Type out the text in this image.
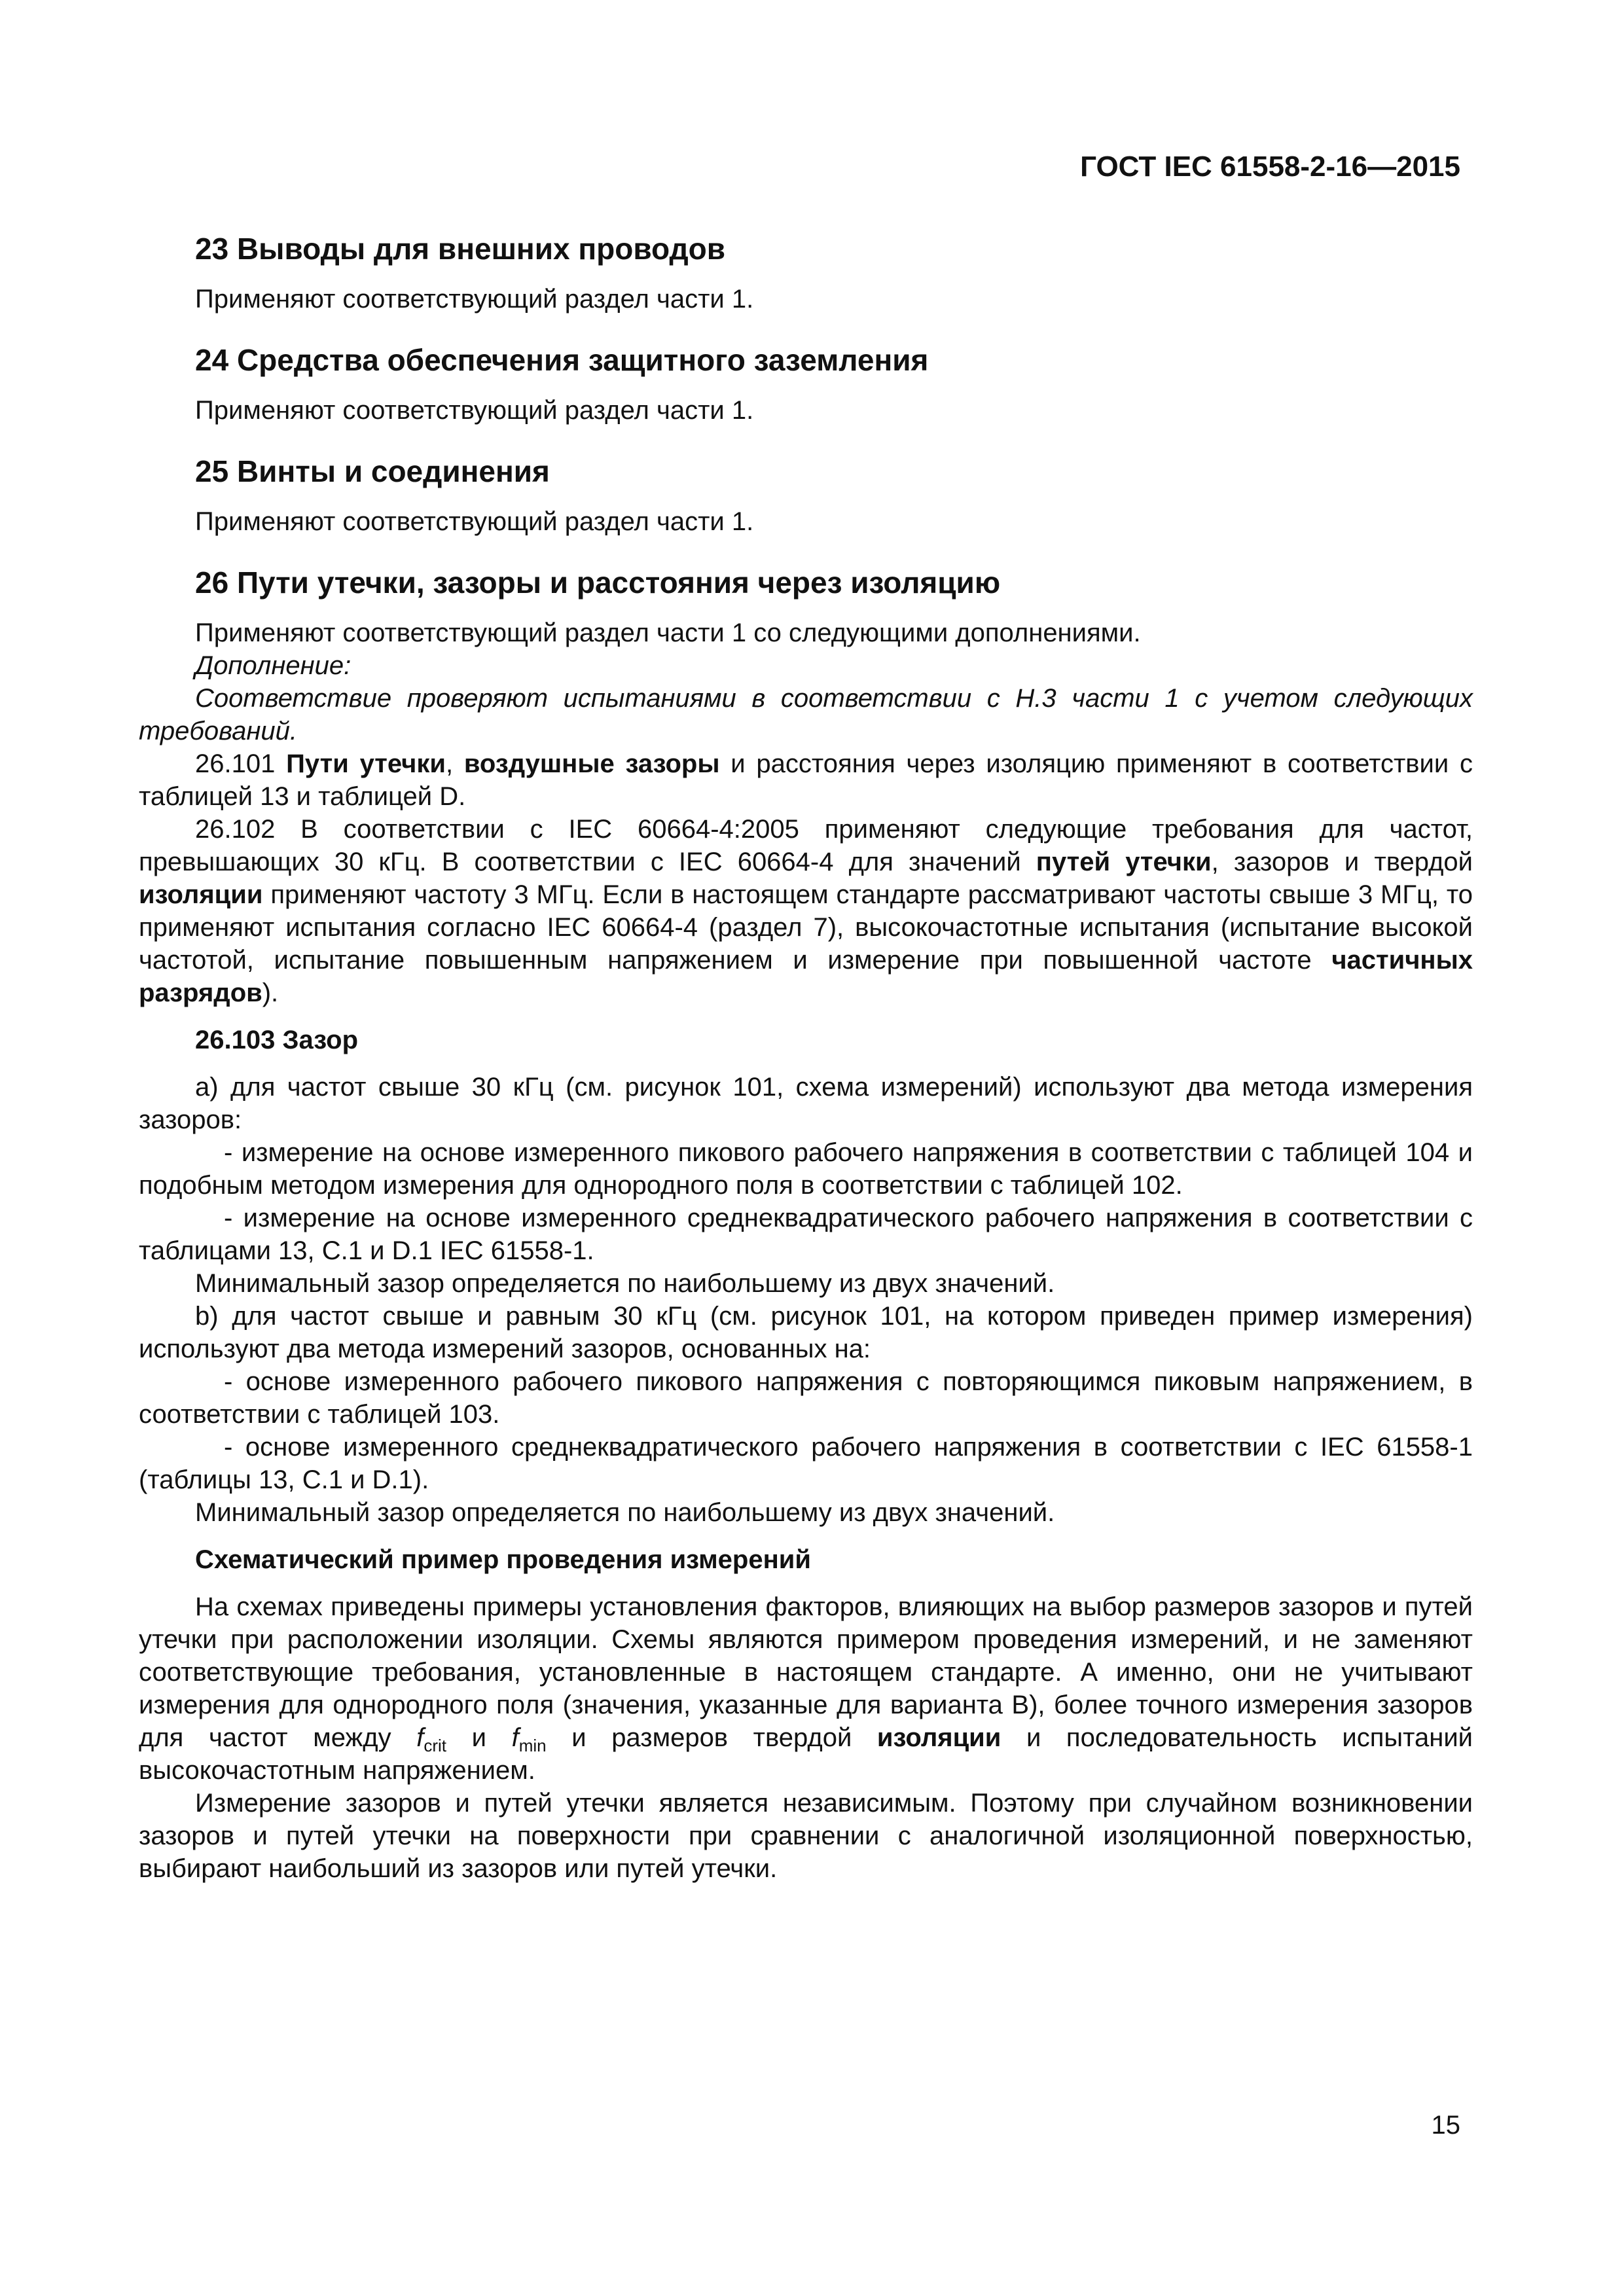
ГОСТ IEC 61558-2-16—2015

23 Выводы для внешних проводов

Применяют соответствующий раздел части 1.

24 Средства обеспечения защитного заземления

Применяют соответствующий раздел части 1.

25 Винты и соединения

Применяют соответствующий раздел части 1.

26 Пути утечки, зазоры и расстояния через изоляцию

Применяют соответствующий раздел части 1 со следующими дополнениями.

Дополнение:

Соответствие проверяют испытаниями в соответствии с Н.3 части 1 с учетом следующих требований.

26.101 Пути утечки, воздушные зазоры и расстояния через изоляцию применяют в соответствии с таблицей 13 и таблицей D.

26.102 В соответствии с IEC 60664-4:2005 применяют следующие требования для частот, превышающих 30 кГц. В соответствии с IEC 60664-4 для значений путей утечки, зазоров и твердой изоляции применяют частоту 3 МГц. Если в настоящем стандарте рассматривают частоты свыше 3 МГц, то применяют испытания согласно IEC 60664-4 (раздел 7), высокочастотные испытания (испытание высокой частотой, испытание повышенным напряжением и измерение при повышенной частоте частичных разрядов).

26.103 Зазор

а) для частот свыше 30 кГц (см. рисунок 101, схема измерений) используют два метода измерения зазоров:

- измерение на основе измеренного пикового рабочего напряжения в соответствии с таблицей 104 и подобным методом измерения для однородного поля в соответствии с таблицей 102.

- измерение на основе измеренного среднеквадратического рабочего напряжения в соответствии с таблицами 13, C.1 и D.1 IEC 61558-1.

Минимальный зазор определяется по наибольшему из двух значений.

b) для частот свыше и равным 30 кГц (см. рисунок 101, на котором приведен пример измерения) используют два метода измерений зазоров, основанных на:

- основе измеренного рабочего пикового напряжения с повторяющимся пиковым напряжением, в соответствии с таблицей 103.

- основе измеренного среднеквадратического рабочего напряжения в соответствии с IEC 61558-1 (таблицы 13, С.1 и D.1).

Минимальный зазор определяется по наибольшему из двух значений.

Схематический пример проведения измерений

На схемах приведены примеры установления факторов, влияющих на выбор размеров зазоров и путей утечки при расположении изоляции. Схемы являются примером проведения измерений, и не заменяют соответствующие требования, установленные в настоящем стандарте. А именно, они не учитывают измерения для однородного поля (значения, указанные для варианта В), более точного измерения зазоров для частот между $f_{crit}$ и $f_{min}$ и размеров твердой изоляции и последовательность испытаний высокочастотным напряжением.

Измерение зазоров и путей утечки является независимым. Поэтому при случайном возникновении зазоров и путей утечки на поверхности при сравнении с аналогичной изоляционной поверхностью, выбирают наибольший из зазоров или путей утечки.

15
